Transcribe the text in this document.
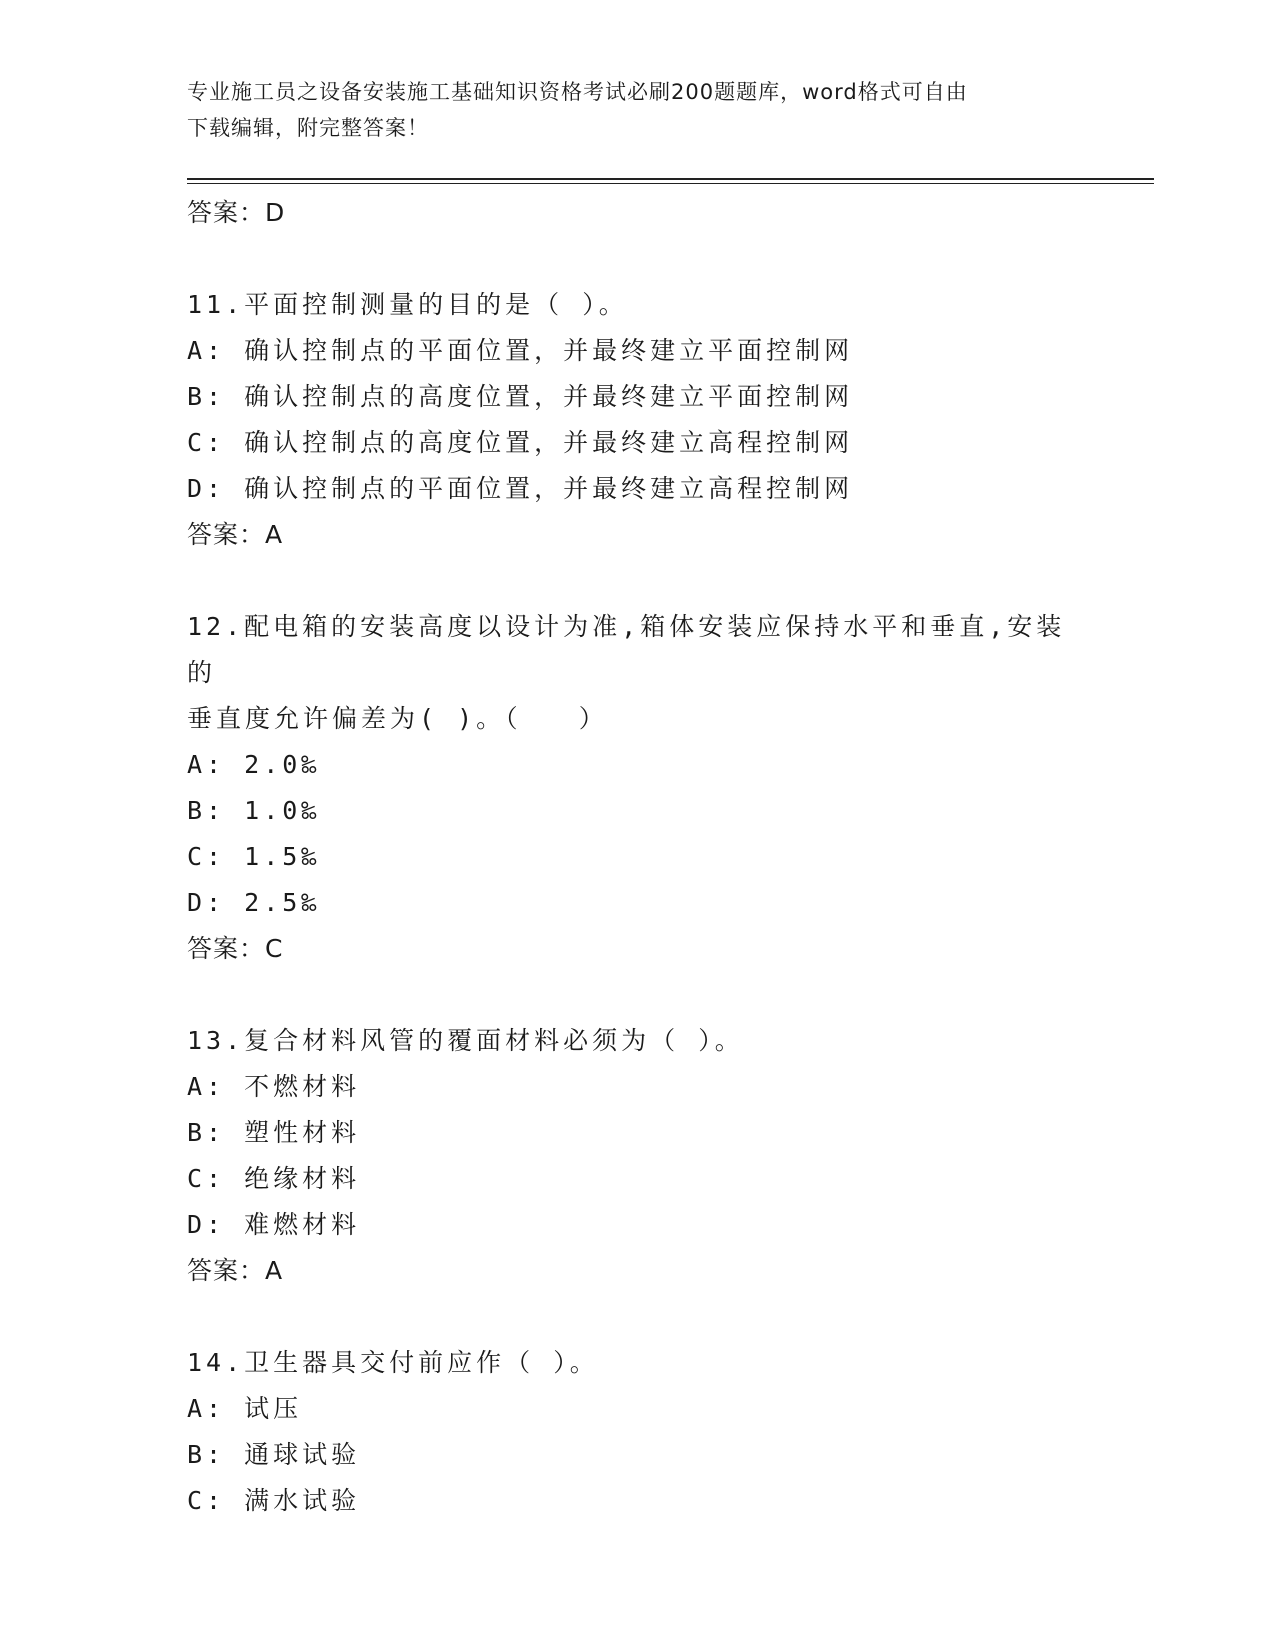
专业施工员之设备安装施工基础知识资格考试必刷200题题库，word格式可自由
下载编辑，附完整答案！
答案：D
11.平面控制测量的目的是（ ）。
A: 确认控制点的平面位置，并最终建立平面控制网
B: 确认控制点的高度位置，并最终建立平面控制网
C: 确认控制点的高度位置，并最终建立高程控制网
D: 确认控制点的平面位置，并最终建立高程控制网
答案：A
12.配电箱的安装高度以设计为准,箱体安装应保持水平和垂直,安装的
垂直度允许偏差为( )。（   ）
A: 2.0‰
B: 1.0‰
C: 1.5‰
D: 2.5‰
答案：C
13.复合材料风管的覆面材料必须为（ ）。
A: 不燃材料
B: 塑性材料
C: 绝缘材料
D: 难燃材料
答案：A
14.卫生器具交付前应作（ ）。
A: 试压
B: 通球试验
C: 满水试验
